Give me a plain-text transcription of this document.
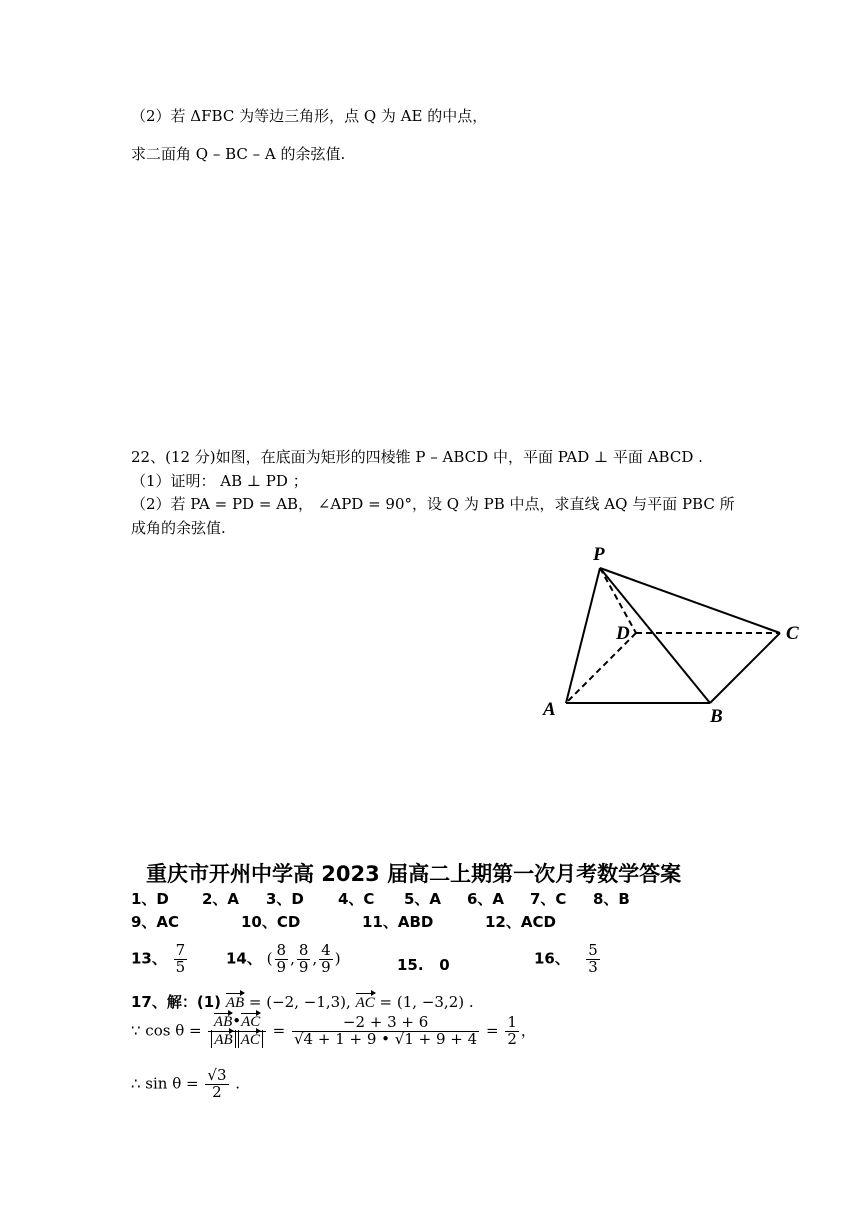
（2）若 ΔFBC 为等边三角形，点 Q 为 AE 的中点，
求二面角 Q – BC – A 的余弦值.
22、(12 分)如图，在底面为矩形的四棱锥 P – ABCD 中，平面 PAD ⊥ 平面 ABCD .
（1）证明： AB ⊥ PD ；
（2）若 PA = PD = AB， ∠APD = 90°，设 Q 为 PB 中点，求直线 AQ 与平面 PBC 所
成角的余弦值.
P
D	C
A	B
重庆市开州中学高 2023 届高二上期第一次月考数学答案
1、D 2、A 3、D 4、C 5、A 6、A 7、C 8、B
9、AC	10、CD	11、ABD	12、ACD
13、 $\frac{7}{5}$	14、 ( $\frac{8}{9}$ , $\frac{8}{9}$ , $\frac{4}{9}$ )	15. 0	16、 $\frac{5}{3}$
17、解：(1) AB = (−2, −1,3), AC = (1, −3,2) .
∵ $\cos \theta = \frac{AB•AC}{\text{AB AC}} = \frac{-2 + 3 + 6}{√4 + 1 + 9 • √1 + 9 + 4} = \frac{1}{2}$ ，
∴ $\sin \theta = \frac{√3}{2}$ .
